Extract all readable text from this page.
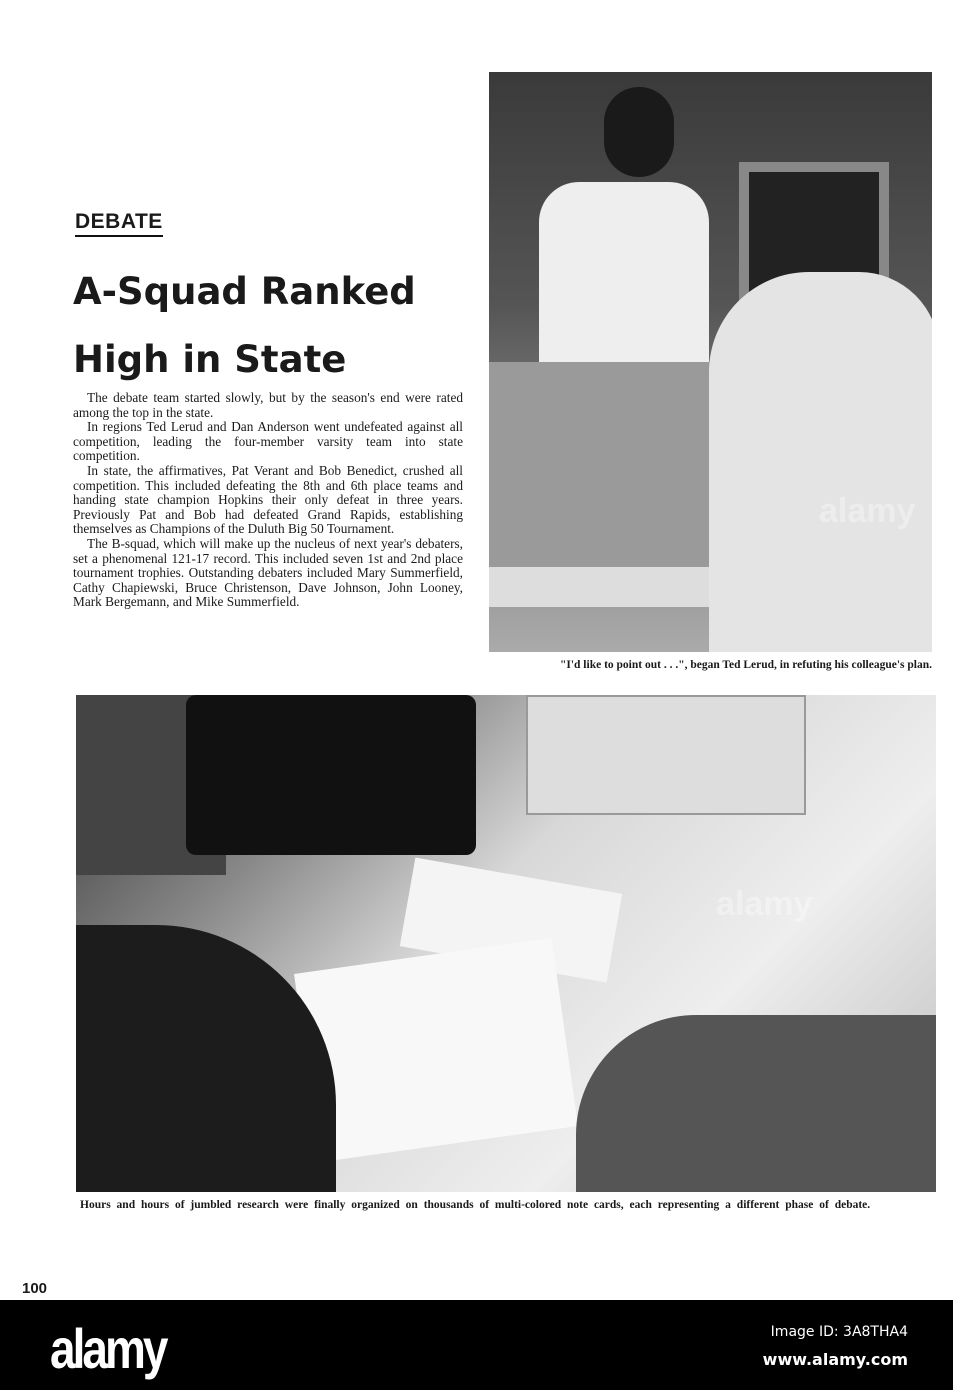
DEBATE
A-Squad Ranked High in State

The debate team started slowly, but by the season's end were rated among the top in the state.

In regions Ted Lerud and Dan Anderson went undefeated against all competition, leading the four-member varsity team into state competition.

In state, the affirmatives, Pat Verant and Bob Benedict, crushed all competition. This included defeating the 8th and 6th place teams and handing state champion Hopkins their only defeat in three years. Previously Pat and Bob had defeated Grand Rapids, establishing themselves as Champions of the Duluth Big 50 Tournament.

The B-squad, which will make up the nucleus of next year's debaters, set a phenomenal 121-17 record. This included seven 1st and 2nd place tournament trophies. Outstanding debaters included Mary Summerfield, Cathy Chapiewski, Bruce Christenson, Dave Johnson, John Looney, Mark Bergemann, and Mike Summerfield.

alamy
"I'd like to point out . . .", began Ted Lerud, in refuting his colleague's plan.
alamy
Hours and hours of jumbled research were finally organized on thousands of multi-colored note cards, each representing a different phase of debate.
100
alamy	Image ID: 3A8THA4
www.alamy.com
